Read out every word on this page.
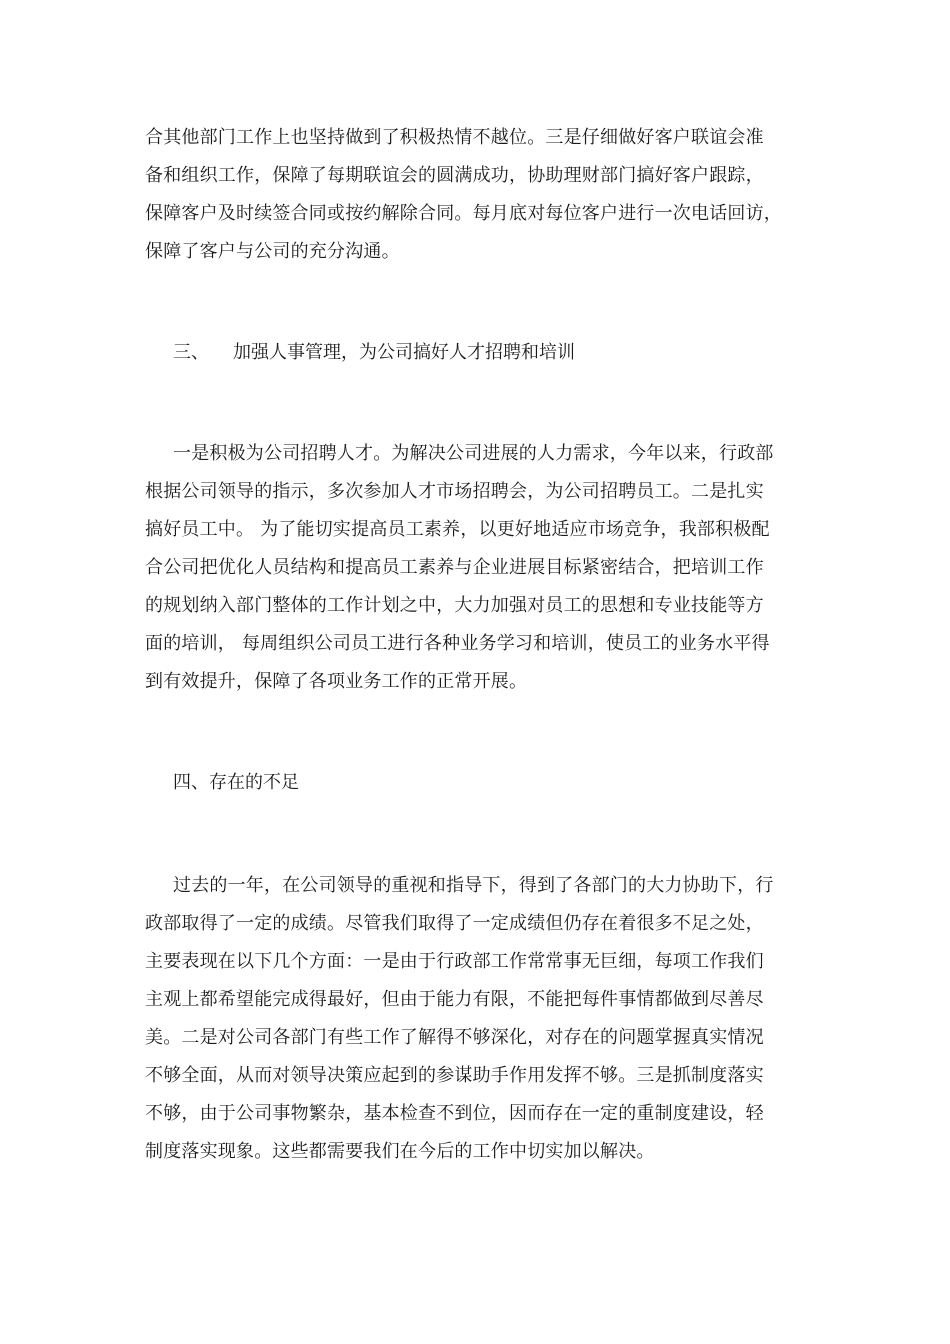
合其他部门工作上也坚持做到了积极热情不越位。三是仔细做好客户联谊会准
备和组织工作，保障了每期联谊会的圆满成功，协助理财部门搞好客户跟踪，
保障客户及时续签合同或按约解除合同。每月底对每位客户进行一次电话回访，
保障了客户与公司的充分沟通。
三、 加强人事管理，为公司搞好人才招聘和培训
一是积极为公司招聘人才。为解决公司进展的人力需求，今年以来，行政部
根据公司领导的指示，多次参加人才市场招聘会，为公司招聘员工。二是扎实
搞好员工中。 为了能切实提高员工素养，以更好地适应市场竞争，我部积极配
合公司把优化人员结构和提高员工素养与企业进展目标紧密结合，把培训工作
的规划纳入部门整体的工作计划之中，大力加强对员工的思想和专业技能等方
面的培训， 每周组织公司员工进行各种业务学习和培训，使员工的业务水平得
到有效提升，保障了各项业务工作的正常开展。
四、存在的不足
过去的一年，在公司领导的重视和指导下，得到了各部门的大力协助下，行
政部取得了一定的成绩。尽管我们取得了一定成绩但仍存在着很多不足之处，
主要表现在以下几个方面：一是由于行政部工作常常事无巨细，每项工作我们
主观上都希望能完成得最好，但由于能力有限，不能把每件事情都做到尽善尽
美。二是对公司各部门有些工作了解得不够深化，对存在的问题掌握真实情况
不够全面，从而对领导决策应起到的参谋助手作用发挥不够。三是抓制度落实
不够，由于公司事物繁杂，基本检查不到位，因而存在一定的重制度建设，轻
制度落实现象。这些都需要我们在今后的工作中切实加以解决。
